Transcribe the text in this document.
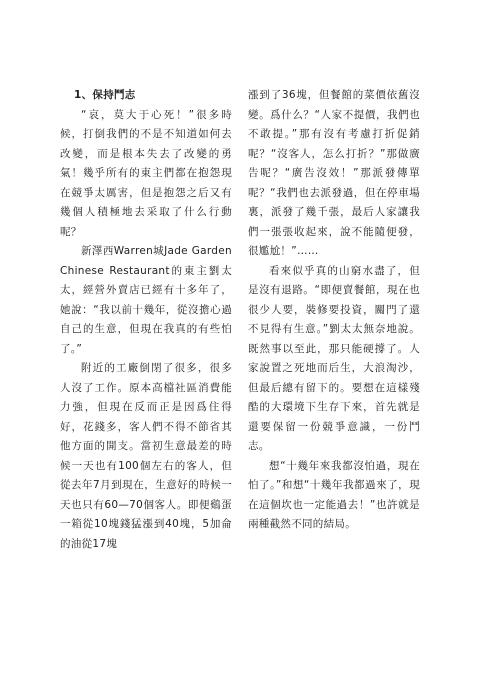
1、保持鬥志

“哀，莫大于心死！”很多時候，打倒我們的不是不知道如何去改變，而是根本失去了改變的勇氣！幾乎所有的東主們都在抱怨現在競爭太厲害，但是抱怨之后又有幾個人積極地去采取了什么行動呢？

新澤西Warren城Jade Garden Chinese Restaurant的東主劉太太，經營外賣店已經有十多年了，她說：“我以前十幾年，從沒擔心過自己的生意，但現在我真的有些怕了。”

附近的工廠倒閉了很多，很多人沒了工作。原本高檔社區消費能力強，但現在反而正是因爲住得好，花錢多，客人們不得不節省其他方面的開支。當初生意最差的時候一天也有100個左右的客人，但從去年7月到現在，生意好的時候一天也只有60—70個客人。即便鷄蛋一箱從10塊錢猛漲到40塊，5加侖的油從17塊

漲到了36塊，但餐館的菜價依舊沒變。爲什么？“人家不提價，我們也不敢提。”那有沒有考慮打折促銷呢？“沒客人，怎么打折？”那做廣告呢？“廣告沒效！”那派發傳單呢？“我們也去派發過，但在停車場裏，派發了幾千張，最后人家讓我們一張張收起來，說不能隨便發，很尷尬！”……

看來似乎真的山窮水盡了，但是沒有退路。“即便賣餐館，現在也很少人要，裝修要投資，關門了還不見得有生意。”劉太太無奈地說。既然事以至此，那只能硬撐了。人家說置之死地而后生，大浪淘沙，但最后總有留下的。要想在這樣殘酷的大環境下生存下來，首先就是還要保留一份競爭意識，一份鬥志。

想“十幾年來我都沒怕過，現在怕了。”和想“十幾年我都過來了，現在這個坎也一定能過去！”也許就是兩種截然不同的結局。
